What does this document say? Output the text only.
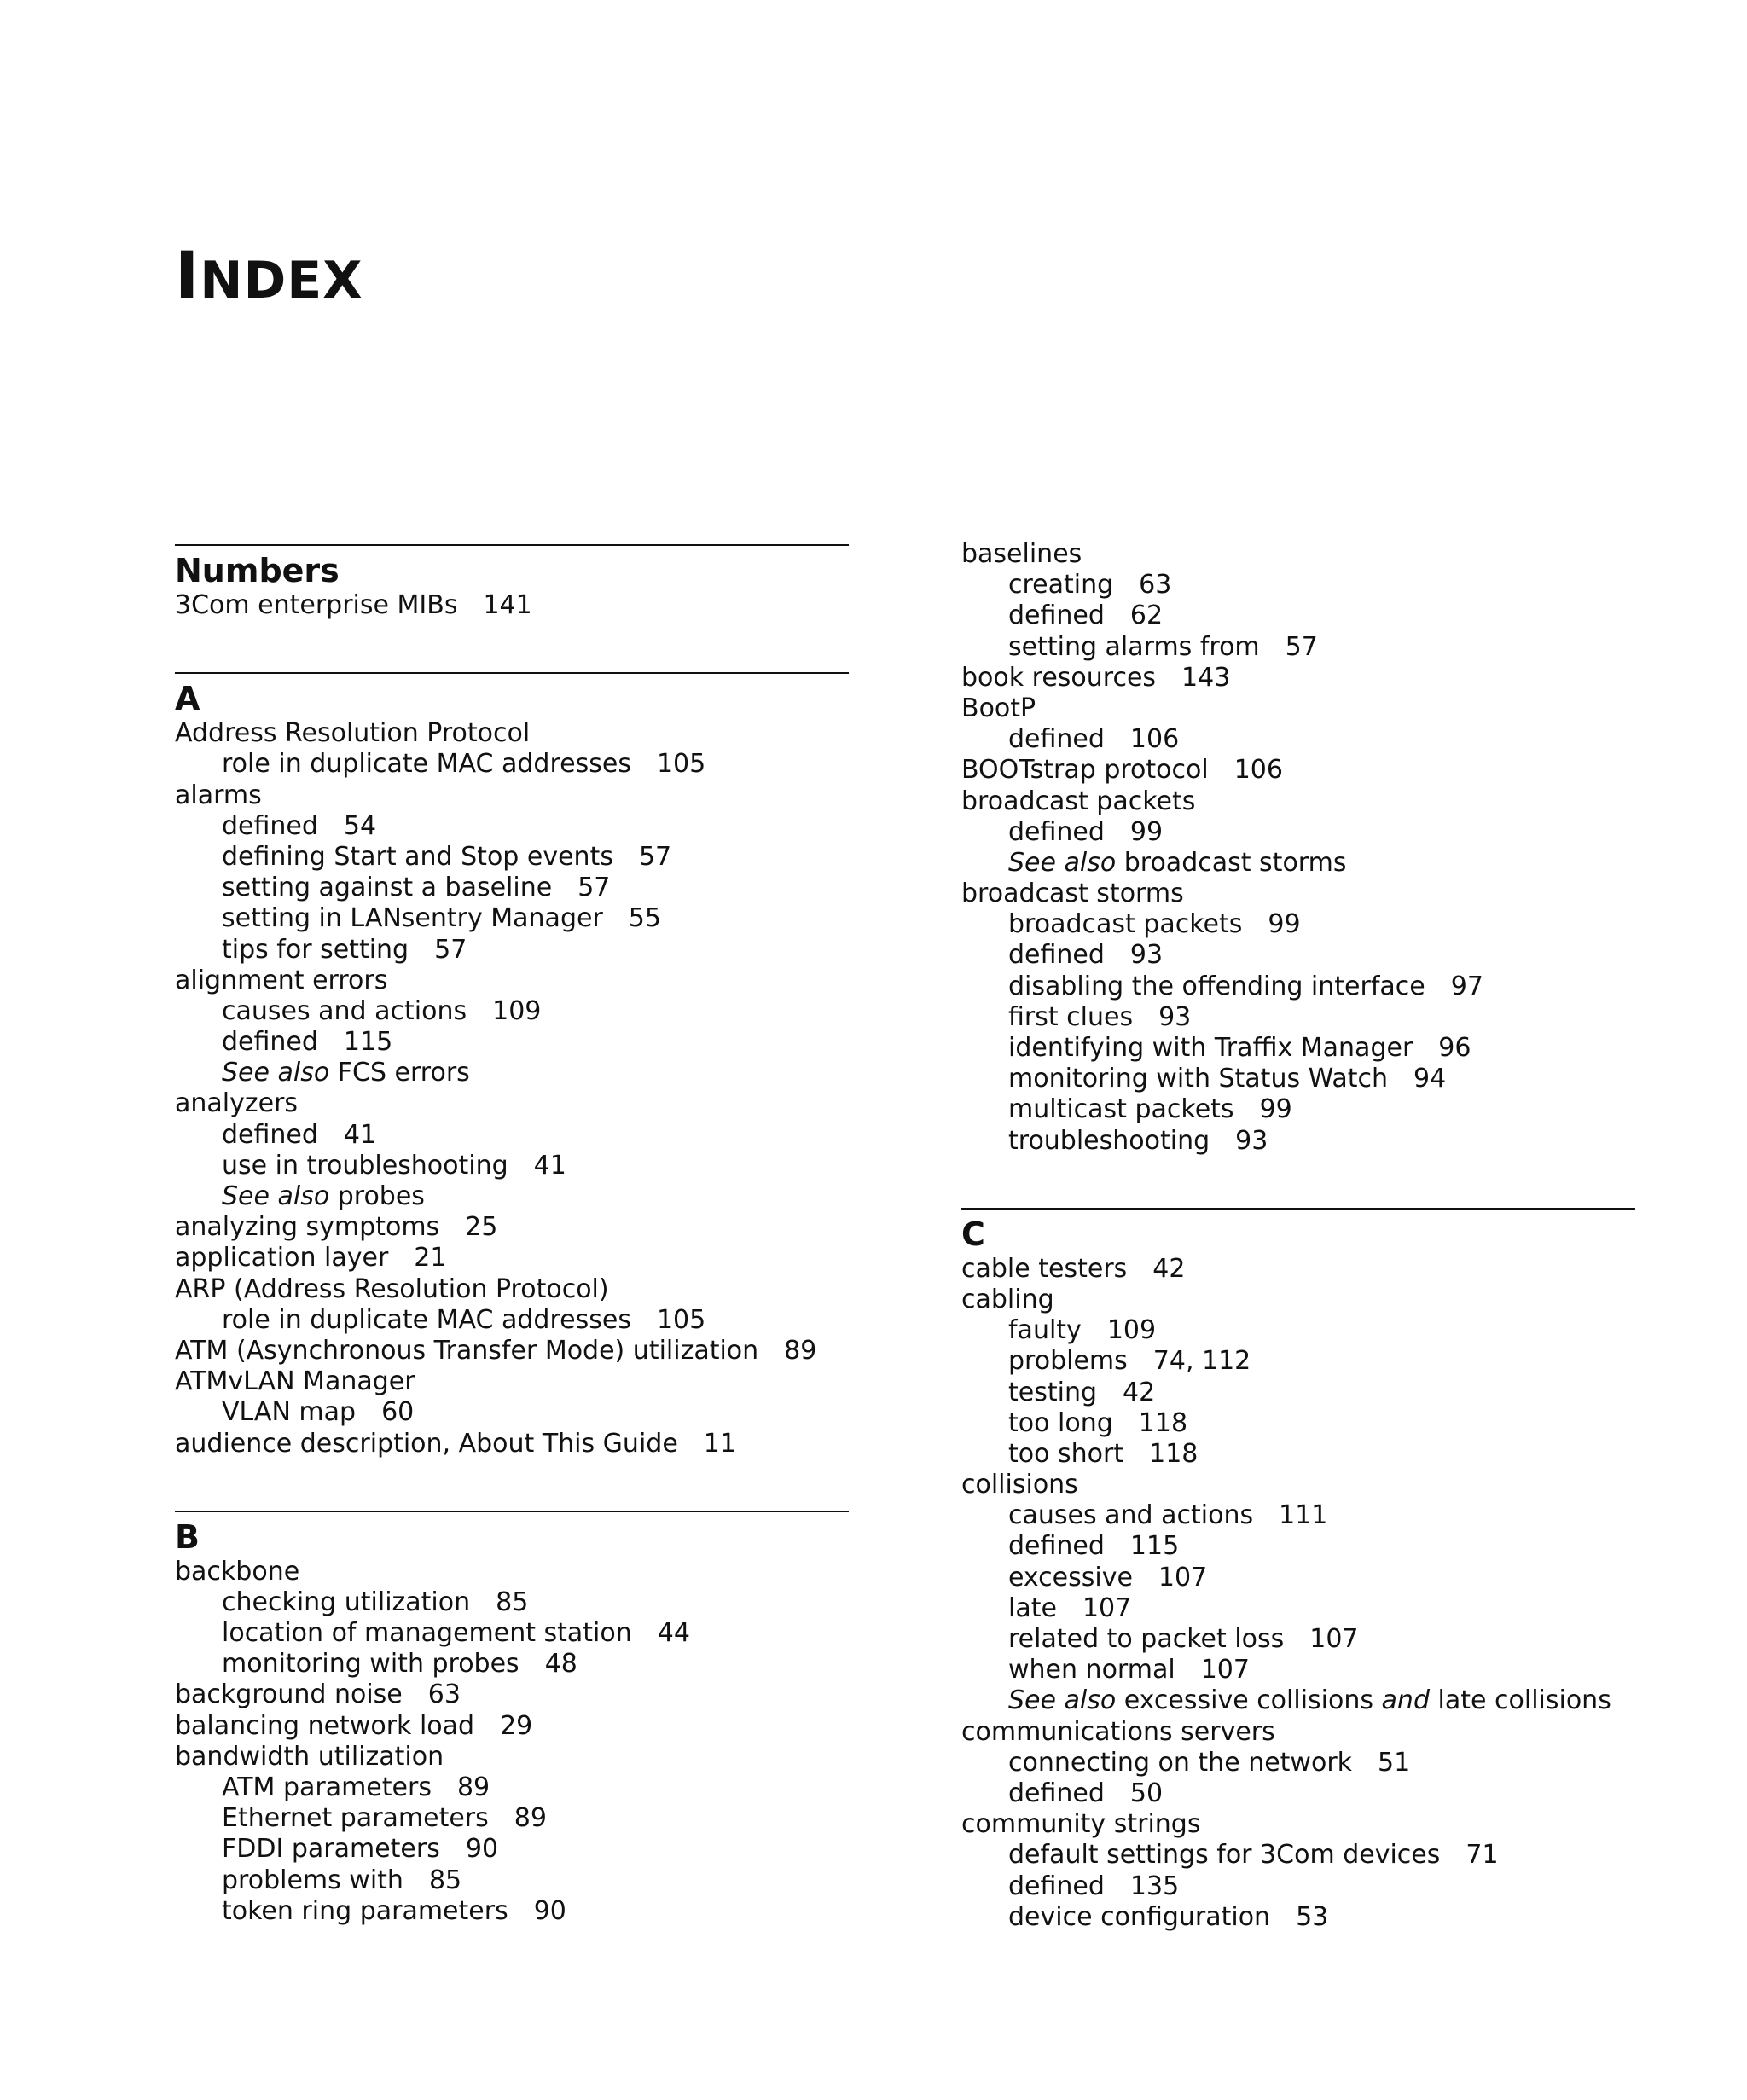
INDEX
Numbers
3Com enterprise MIBs 141
A
Address Resolution Protocol
role in duplicate MAC addresses 105
alarms
defined 54
defining Start and Stop events 57
setting against a baseline 57
setting in LANsentry Manager 55
tips for setting 57
alignment errors
causes and actions 109
defined 115
See also FCS errors
analyzers
defined 41
use in troubleshooting 41
See also probes
analyzing symptoms 25
application layer 21
ARP (Address Resolution Protocol)
role in duplicate MAC addresses 105
ATM (Asynchronous Transfer Mode) utilization 89
ATMvLAN Manager
VLAN map 60
audience description, About This Guide 11
B
backbone
checking utilization 85
location of management station 44
monitoring with probes 48
background noise 63
balancing network load 29
bandwidth utilization
ATM parameters 89
Ethernet parameters 89
FDDI parameters 90
problems with 85
token ring parameters 90
baselines
creating 63
defined 62
setting alarms from 57
book resources 143
BootP
defined 106
BOOTstrap protocol 106
broadcast packets
defined 99
See also broadcast storms
broadcast storms
broadcast packets 99
defined 93
disabling the offending interface 97
first clues 93
identifying with Traffix Manager 96
monitoring with Status Watch 94
multicast packets 99
troubleshooting 93
C
cable testers 42
cabling
faulty 109
problems 74, 112
testing 42
too long 118
too short 118
collisions
causes and actions 111
defined 115
excessive 107
late 107
related to packet loss 107
when normal 107
See also excessive collisions and late collisions
communications servers
connecting on the network 51
defined 50
community strings
default settings for 3Com devices 71
defined 135
device configuration 53
